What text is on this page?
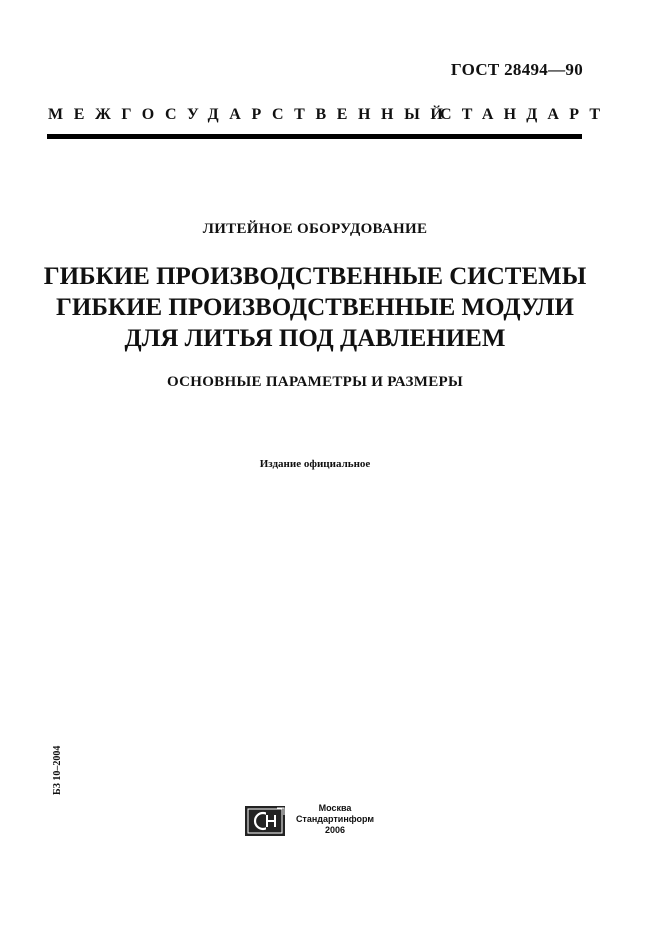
ГОСТ 28494—90
МЕЖГОСУДАРСТВЕННЫЙ
СТАНДАРТ
ЛИТЕЙНОЕ ОБОРУДОВАНИЕ
ГИБКИЕ ПРОИЗВОДСТВЕННЫЕ СИСТЕМЫ
ГИБКИЕ ПРОИЗВОДСТВЕННЫЕ МОДУЛИ
ДЛЯ ЛИТЬЯ ПОД ДАВЛЕНИЕМ
ОСНОВНЫЕ ПАРАМЕТРЫ И РАЗМЕРЫ
Издание официальное
БЗ 10–2004
Москва
Стандартинформ
2006
